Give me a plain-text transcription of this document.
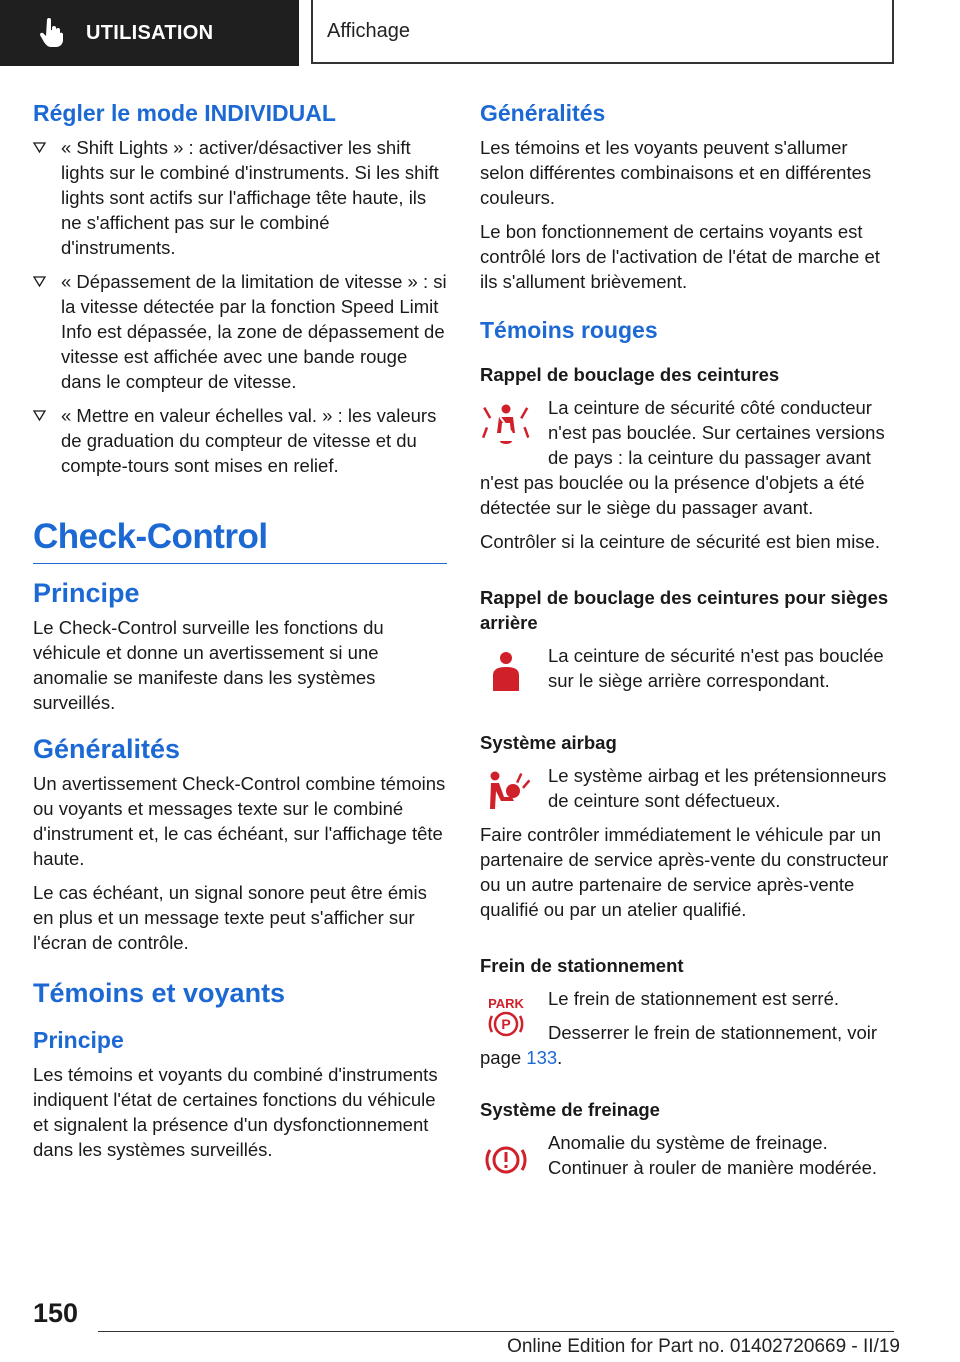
UTILISATION	Affichage
Régler le mode INDIVIDUAL
« Shift Lights » : activer/désactiver les shift lights sur le combiné d'instruments. Si les shift lights sont actifs sur l'affichage tête haute, ils ne s'affichent pas sur le combiné d'instruments.
« Dépassement de la limitation de vitesse » : si la vitesse détectée par la fonction Speed Limit Info est dépassée, la zone de dépassement de vitesse est affichée avec une bande rouge dans le compteur de vitesse.
« Mettre en valeur échelles val. » : les valeurs de graduation du compteur de vitesse et du compte-tours sont mises en relief.
Check-Control
Principe

Le Check-Control surveille les fonctions du véhicule et donne un avertissement si une anomalie se manifeste dans les systèmes surveillés.

Généralités

Un avertissement Check-Control combine témoins ou voyants et messages texte sur le combiné d'instrument et, le cas échéant, sur l'affichage tête haute.

Le cas échéant, un signal sonore peut être émis en plus et un message texte peut s'afficher sur l'écran de contrôle.

Témoins et voyants
Principe

Les témoins et voyants du combiné d'instruments indiquent l'état de certaines fonctions du véhicule et signalent la présence d'un dysfonctionnement dans les systèmes surveillés.

Généralités

Les témoins et les voyants peuvent s'allumer selon différentes combinaisons et en différentes couleurs.

Le bon fonctionnement de certains voyants est contrôlé lors de l'activation de l'état de marche et ils s'allument brièvement.

Témoins rouges
Rappel de bouclage des ceintures

La ceinture de sécurité côté conducteur n'est pas bouclée. Sur certaines versions de pays : la ceinture du passager avant n'est pas bouclée ou la présence d'objets a été détectée sur le siège du passager avant.

Contrôler si la ceinture de sécurité est bien mise.

Rappel de bouclage des ceintures pour sièges arrière

La ceinture de sécurité n'est pas bouclée sur le siège arrière correspondant.

Système airbag

Le système airbag et les prétensionneurs de ceinture sont défectueux.

Faire contrôler immédiatement le véhicule par un partenaire de service après-vente du constructeur ou un autre partenaire de service après-vente qualifié ou par un atelier qualifié.

Frein de stationnement
PARK
P

Le frein de stationnement est serré.

Desserrer le frein de stationnement, voir page 133.

Système de freinage

Anomalie du système de freinage. Continuer à rouler de manière modérée.

150
Online Edition for Part no. 01402720669 - II/19
